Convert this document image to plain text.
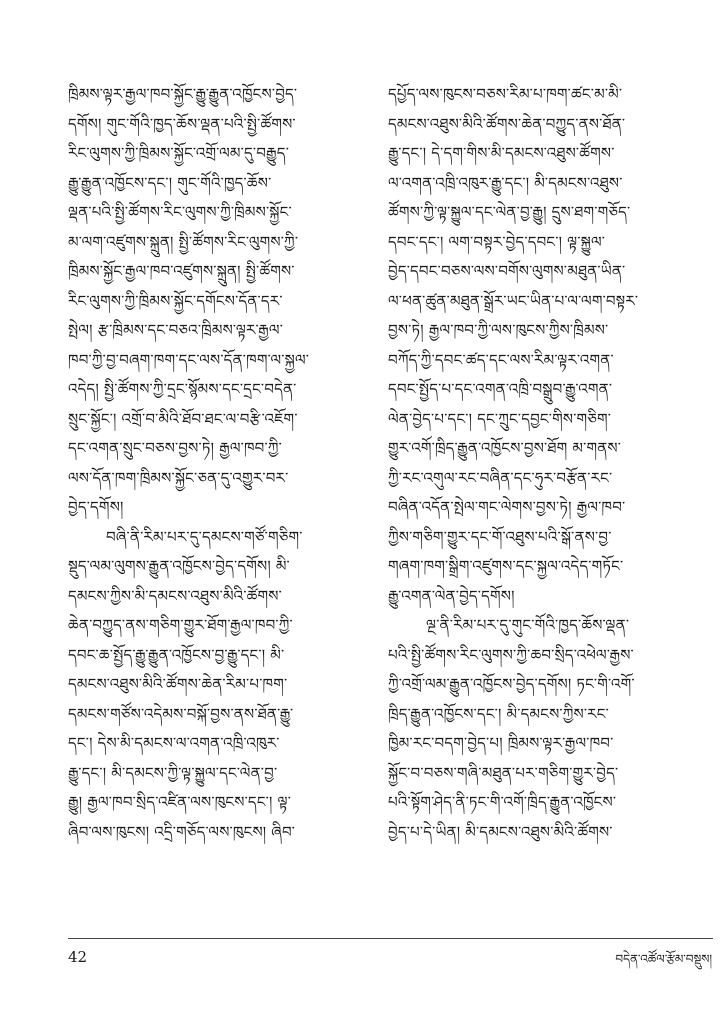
ཁྲིམས་ལྟར་རྒྱལ་ཁབ་སྐྱོང་རྒྱུ་རྒྱུན་འཁྱོངས་བྱེད་
དགོས། གུང་གོའི་ཁྱད་ཆོས་ལྡན་པའི་སྤྱི་ཚོགས་
རིང་ལུགས་ཀྱི་ཁྲིམས་སྐྱོང་འགྲོ་ལམ་དུ་བརྒྱུད་
རྒྱུ་རྒྱུན་འཁྱོངས་དང་། གུང་གོའི་ཁྱད་ཆོས་
ལྡན་པའི་སྤྱི་ཚོགས་རིང་ལུགས་ཀྱི་ཁྲིམས་སྐྱོང་
མ་ལག་འཛུགས་སྐྲུན། སྤྱི་ཚོགས་རིང་ལུགས་ཀྱི་
ཁྲིམས་སྐྱོང་རྒྱལ་ཁབ་འཛུགས་སྐྲུན། སྤྱི་ཚོགས་
རིང་ལུགས་ཀྱི་ཁྲིམས་སྐྱོང་དགོངས་དོན་དར་
སྤེལ། རྩ་ཁྲིམས་དང་བཅའ་ཁྲིམས་ལྟར་རྒྱལ་
ཁབ་ཀྱི་བྱ་བཞག་ཁག་དང་ལས་དོན་ཁག་ལ་སྐྱལ་
འདེད། སྤྱི་ཚོགས་ཀྱི་དྲང་སྙོམས་དང་དྲང་བདེན་
སྲུང་སྐྱོང་། འགྲོ་བ་མིའི་ཐོབ་ཐང་ལ་བརྩི་འཇོག་
དང་འགན་སྲུང་བཅས་བྱས་ཏེ། རྒྱལ་ཁབ་ཀྱི་
ལས་དོན་ཁག་ཁྲིམས་སྐྱོང་ཅན་དུ་འགྱུར་བར་
བྱེད་དགོས།
བཞི་ནི་རིམ་པར་དུ་དམངས་གཙོ་གཅིག་
སྡུད་ལམ་ལུགས་རྒྱུན་འཁྱོངས་བྱེད་དགོས། མི་
དམངས་ཀྱིས་མི་དམངས་འཐུས་མིའི་ཚོགས་
ཆེན་བཀྱུད་ནས་གཅིག་གྱུར་ཐོག་རྒྱལ་ཁབ་ཀྱི་
དབང་ཆ་སྤྱོད་རྒྱུ་རྒྱུན་འཁྱོངས་བྱ་རྒྱུ་དང་། མི་
དམངས་འཐུས་མིའི་ཚོགས་ཆེན་རིམ་པ་ཁག་
དམངས་གཙོས་འདེམས་བསྐོ་བྱས་ནས་ཐོན་རྒྱུ་
དང་། དེས་མི་དམངས་ལ་འགན་འཁྲི་འཁུར་
རྒྱུ་དང་། མི་དམངས་ཀྱི་ལྟ་སྐྱུལ་དང་ལེན་བྱ་
རྒྱུ། རྒྱལ་ཁབ་སྲིད་འཛིན་ལས་ཁུངས་དང་། ལྟ་
ཞིབ་ལས་ཁུངས། འདྲི་གཅོད་ལས་ཁུངས། ཞིབ་
དཔྱོད་ལས་ཁུངས་བཅས་རིམ་པ་ཁག་ཚང་མ་མི་
དམངས་འཐུས་མིའི་ཚོགས་ཆེན་བཀྱུད་ནས་ཐོན་
རྒྱུ་དང་། དེ་དག་གིས་མི་དམངས་འཐུས་ཚོགས་
ལ་འགན་འཁྲི་འཁུར་རྒྱུ་དང་། མི་དམངས་འཐུས་
ཚོགས་ཀྱི་ལྟ་སྐྱུལ་དང་ལེན་བྱ་རྒྱུ། དྲུས་ཐག་གཅོད་
དབང་དང་། ལག་བསྟར་བྱེད་དབང་། ལྟ་སྐྱུལ་
བྱེད་དབང་བཅས་ལས་བགོས་ལུགས་མཐུན་ཡིན་
ལ་ཕན་ཚུན་མཐུན་སྒྲོར་ཡང་ཡིན་པ་ལ་ལག་བསྟར་
བྱས་ཏེ། རྒྱལ་ཁབ་ཀྱི་ལས་ཁུངས་ཀྱིས་ཁྲིམས་
བཀོད་ཀྱི་དབང་ཚད་དང་ལས་རིམ་ལྟར་འགན་
དབང་སྤྱོད་པ་དང་འགན་འཁྲི་བསྒྲུབ་རྒྱུ་འགན་
ལེན་བྱེད་པ་དང་། དང་ཀྲུང་དབྱང་གིས་གཅིག་
གྱུར་འགོ་ཁྲིད་རྒྱུན་འཁྱོངས་བྱས་ཐོག མ་གནས་
ཀྱི་རང་འགུལ་རང་བཞིན་དང་ཧུར་བརྩོན་རང་
བཞིན་འདོན་སྤེལ་གང་ལེགས་བྱས་ཏེ། རྒྱལ་ཁབ་
ཀྱིས་གཅིག་གྱུར་དང་གོ་འཐུས་པའི་སྒོ་ནས་བྱ་
གཞག་ཁག་སྒྲིག་འཛུགས་དང་སྐྱལ་འདེད་གཏོང་
རྒྱུ་འགན་ལེན་བྱེད་དགོས།
ལྔ་ནི་རིམ་པར་དུ་གུང་གོའི་ཁྱད་ཆོས་ལྡན་
པའི་སྤྱི་ཚོགས་རིང་ལུགས་ཀྱི་ཆབ་སྲིད་འཕེལ་རྒྱས་
ཀྱི་འགྲོ་ལམ་རྒྱུན་འཁྱོངས་བྱེད་དགོས། ཏང་གི་འགོ་
ཁྲིད་རྒྱུན་འཁྱོངས་དང་། མི་དམངས་ཀྱིས་རང་
ཁྱིམ་རང་བདག་བྱེད་པ། ཁྲིམས་ལྟར་རྒྱལ་ཁབ་
སྐྱོང་བ་བཅས་གཞི་མཐུན་པར་གཅིག་གྱུར་བྱེད་
པའི་སྟོག་ཤེད་ནི་ཏང་གི་འགོ་ཁྲིད་རྒྱུན་འཁྱོངས་
བྱེད་པ་དེ་ཡིན། མི་དམངས་འཐུས་མིའི་ཚོགས་
42	བདེན་འཚོལ་རྩོམ་བསྡུས།
